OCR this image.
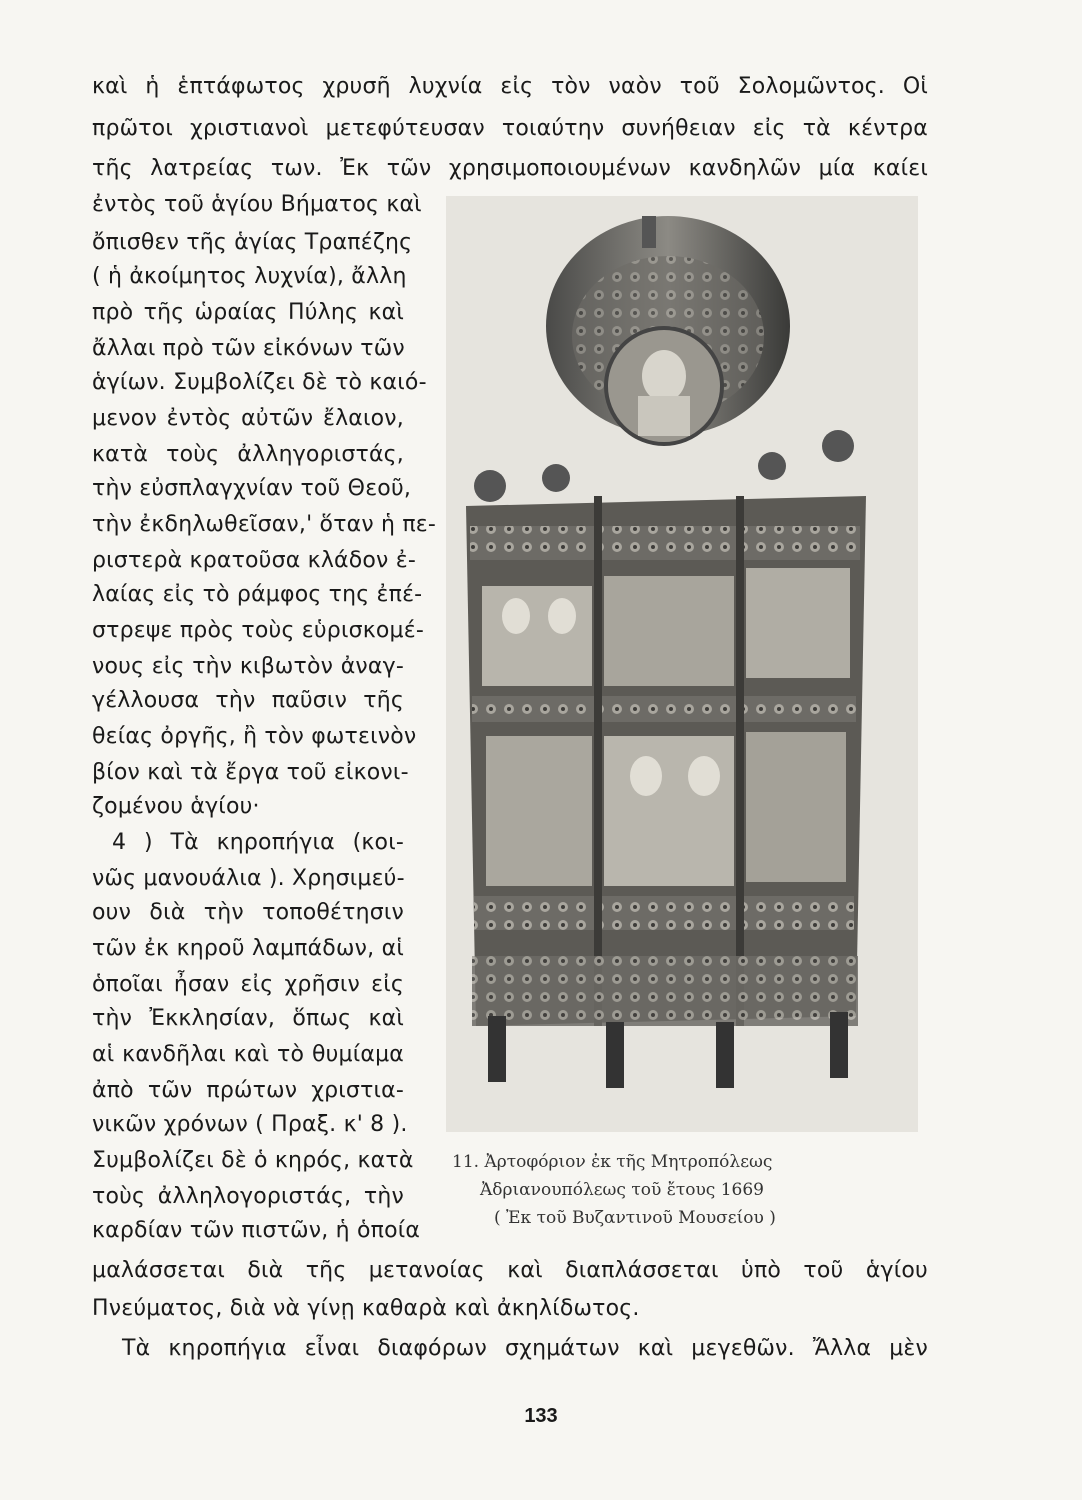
καὶ ἡ ἑπτάφωτος χρυσῆ λυχνία εἰς τὸν ναὸν τοῦ Σολομῶντος. Οἱ
πρῶτοι χριστιανοὶ μετεφύτευσαν τοιαύτην συνήθειαν εἰς τὰ κέντρα
τῆς λατρείας των. Ἐκ τῶν χρησιμοποιουμένων κανδηλῶν μία καίει
ἐντὸς τοῦ ἁγίου Βήματος καὶ
ὄπισθεν τῆς ἁγίας Τραπέζης
( ἡ ἀκοίμητος λυχνία), ἄλλη
πρὸ τῆς ὡραίας Πύλης καὶ
ἄλλαι πρὸ τῶν εἰκόνων τῶν
ἁγίων. Συμβολίζει δὲ τὸ καιό-
μενον ἐντὸς αὐτῶν ἔλαιον,
κατὰ τοὺς ἀλληγοριστάς,
τὴν εὐσπλαγχνίαν τοῦ Θεοῦ,
τὴν ἐκδηλωθεῖσαν,' ὅταν ἡ πε-
ριστερὰ κρατοῦσα κλάδον ἐ-
λαίας εἰς τὸ ράμφος της ἐπέ-
στρεψε πρὸς τοὺς εὑρισκομέ-
νους εἰς τὴν κιβωτὸν ἀναγ-
γέλλουσα τὴν παῦσιν τῆς
θείας ὀργῆς, ἢ τὸν φωτεινὸν
βίον καὶ τὰ ἔργα τοῦ εἰκονι-
ζομένου ἁγίου·
4 ) Τὰ κηροπήγια (κοι-
νῶς μανουάλια ). Χρησιμεύ-
ουν διὰ τὴν τοποθέτησιν
τῶν ἐκ κηροῦ λαμπάδων, αἱ
ὁποῖαι ἦσαν εἰς χρῆσιν εἰς
τὴν Ἐκκλησίαν, ὅπως καὶ
αἱ κανδῆλαι καὶ τὸ θυμίαμα
ἀπὸ τῶν πρώτων χριστια-
νικῶν χρόνων ( Πραξ. κ' 8 ).
Συμβολίζει δὲ ὁ κηρός, κατὰ
τοὺς ἀλληλογοριστάς, τὴν
καρδίαν τῶν πιστῶν, ἡ ὁποία
μαλάσσεται διὰ τῆς μετανοίας καὶ διαπλάσσεται ὑπὸ τοῦ ἁγίου
Πνεύματος, διὰ νὰ γίνῃ καθαρὰ καὶ ἀκηλίδωτος.
Τὰ κηροπήγια εἶναι διαφόρων σχημάτων καὶ μεγεθῶν. Ἄλλα μὲν
11. Ἀρτοφόριον ἐκ τῆς Μητροπόλεως
Ἀδριανουπόλεως τοῦ ἔτους 1669
( Ἐκ τοῦ Βυζαντινοῦ Μουσείου )
133
